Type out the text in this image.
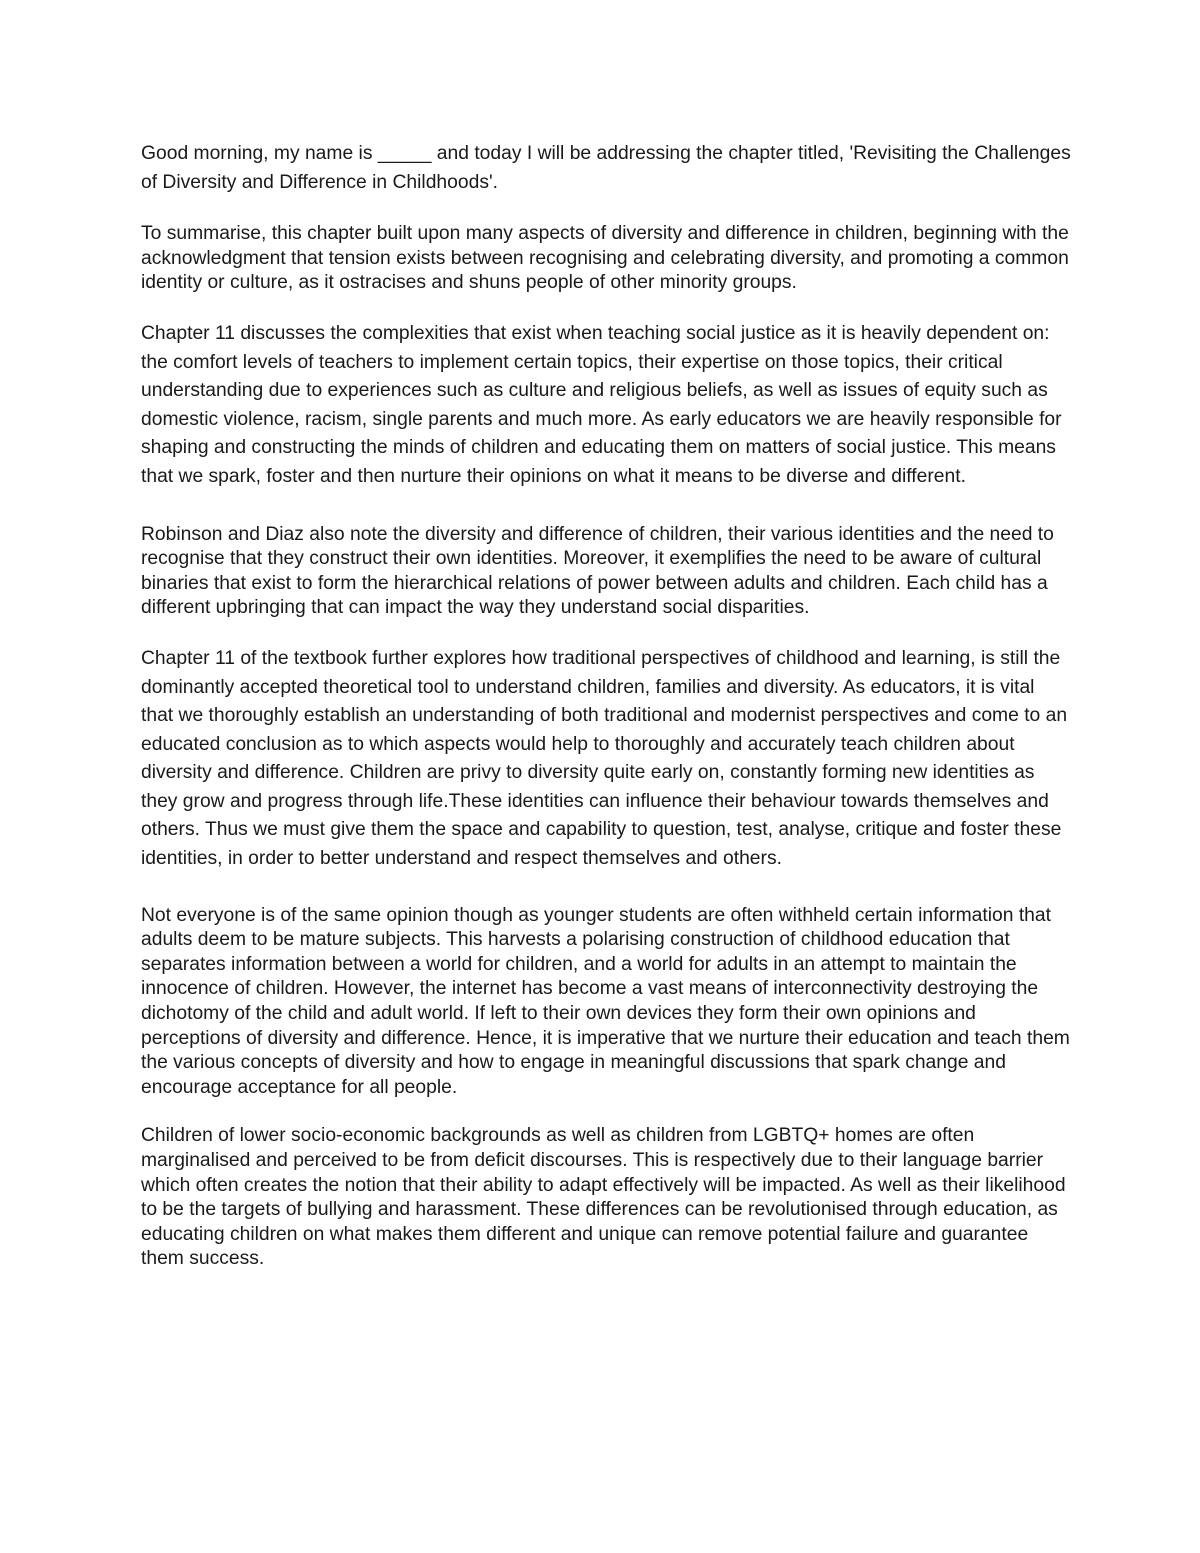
Good morning, my name is _____ and today I will be addressing the chapter titled, 'Revisiting the Challenges of Diversity and Difference in Childhoods'.

To summarise, this chapter built upon many aspects of diversity and difference in children, beginning with the acknowledgment that tension exists between recognising and celebrating diversity, and promoting a common identity or culture, as it ostracises and shuns people of other minority groups.

Chapter 11 discusses the complexities that exist when teaching social justice as it is heavily dependent on: the comfort levels of teachers to implement certain topics, their expertise on those topics, their critical understanding due to experiences such as culture and religious beliefs, as well as issues of equity such as domestic violence, racism, single parents and much more. As early educators we are heavily responsible for shaping and constructing the minds of children and educating them on matters of social justice. This means that we spark, foster and then nurture their opinions on what it means to be diverse and different.

Robinson and Diaz also note the diversity and difference of children, their various identities and the need to recognise that they construct their own identities. Moreover, it exemplifies the need to be aware of cultural binaries that exist to form the hierarchical relations of power between adults and children. Each child has a different upbringing that can impact the way they understand social disparities.

Chapter 11 of the textbook further explores how traditional perspectives of childhood and learning, is still the dominantly accepted theoretical tool to understand children, families and diversity. As educators, it is vital that we thoroughly establish an understanding of both traditional and modernist perspectives and come to an educated conclusion as to which aspects would help to thoroughly and accurately teach children about diversity and difference. Children are privy to diversity quite early on, constantly forming new identities as they grow and progress through life.These identities can influence their behaviour towards themselves and others. Thus we must give them the space and capability to question, test, analyse, critique and foster these identities, in order to better understand and respect themselves and others.

Not everyone is of the same opinion though as younger students are often withheld certain information that adults deem to be mature subjects. This harvests a polarising construction of childhood education that separates information between a world for children, and a world for adults in an attempt to maintain the innocence of children. However, the internet has become a vast means of interconnectivity destroying the dichotomy of the child and adult world. If left to their own devices they form their own opinions and perceptions of diversity and difference. Hence, it is imperative that we nurture their education and teach them the various concepts of diversity and how to engage in meaningful discussions that spark change and encourage acceptance for all people.

Children of lower socio-economic backgrounds as well as children from LGBTQ+ homes are often marginalised and perceived to be from deficit discourses. This is respectively due to their language barrier which often creates the notion that their ability to adapt effectively will be impacted. As well as their likelihood to be the targets of bullying and harassment. These differences can be revolutionised through education, as educating children on what makes them different and unique can remove potential failure and guarantee them success.
